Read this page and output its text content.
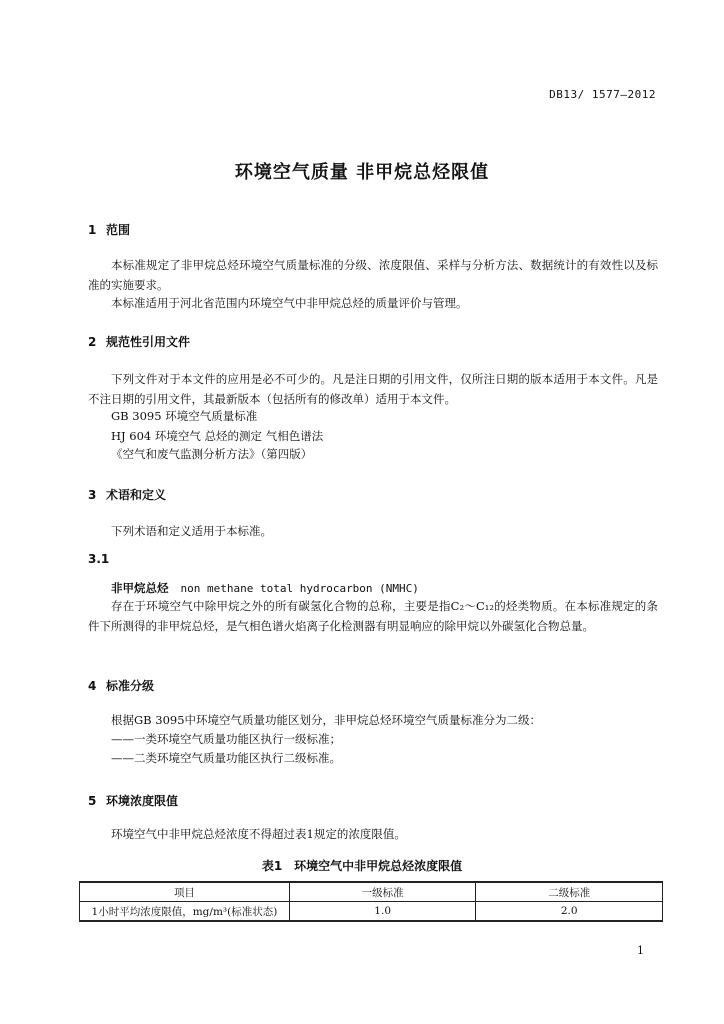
DB13/ 1577—2012
环境空气质量 非甲烷总烃限值
1 范围
本标准规定了非甲烷总烃环境空气质量标准的分级、浓度限值、采样与分析方法、数据统计的有效性以及标准的实施要求。
本标准适用于河北省范围内环境空气中非甲烷总烃的质量评价与管理。
2 规范性引用文件
下列文件对于本文件的应用是必不可少的。凡是注日期的引用文件，仅所注日期的版本适用于本文件。凡是不注日期的引用文件，其最新版本（包括所有的修改单）适用于本文件。
GB 3095 环境空气质量标准
HJ 604 环境空气 总烃的测定 气相色谱法
《空气和废气监测分析方法》（第四版）
3 术语和定义
下列术语和定义适用于本标准。
3.1
非甲烷总烃 non methane total hydrocarbon (NMHC)
存在于环境空气中除甲烷之外的所有碳氢化合物的总称，主要是指C₂～C₁₂的烃类物质。在本标准规定的条件下所测得的非甲烷总烃，是气相色谱火焰离子化检测器有明显响应的除甲烷以外碳氢化合物总量。
4 标准分级
根据GB 3095中环境空气质量功能区划分，非甲烷总烃环境空气质量标准分为二级：
——一类环境空气质量功能区执行一级标准；
——二类环境空气质量功能区执行二级标准。
5 环境浓度限值
环境空气中非甲烷总烃浓度不得超过表1规定的浓度限值。
表1　环境空气中非甲烷总烃浓度限值
项目	一级标准	二级标准
1小时平均浓度限值，mg/m³(标准状态)	1.0	2.0
1
